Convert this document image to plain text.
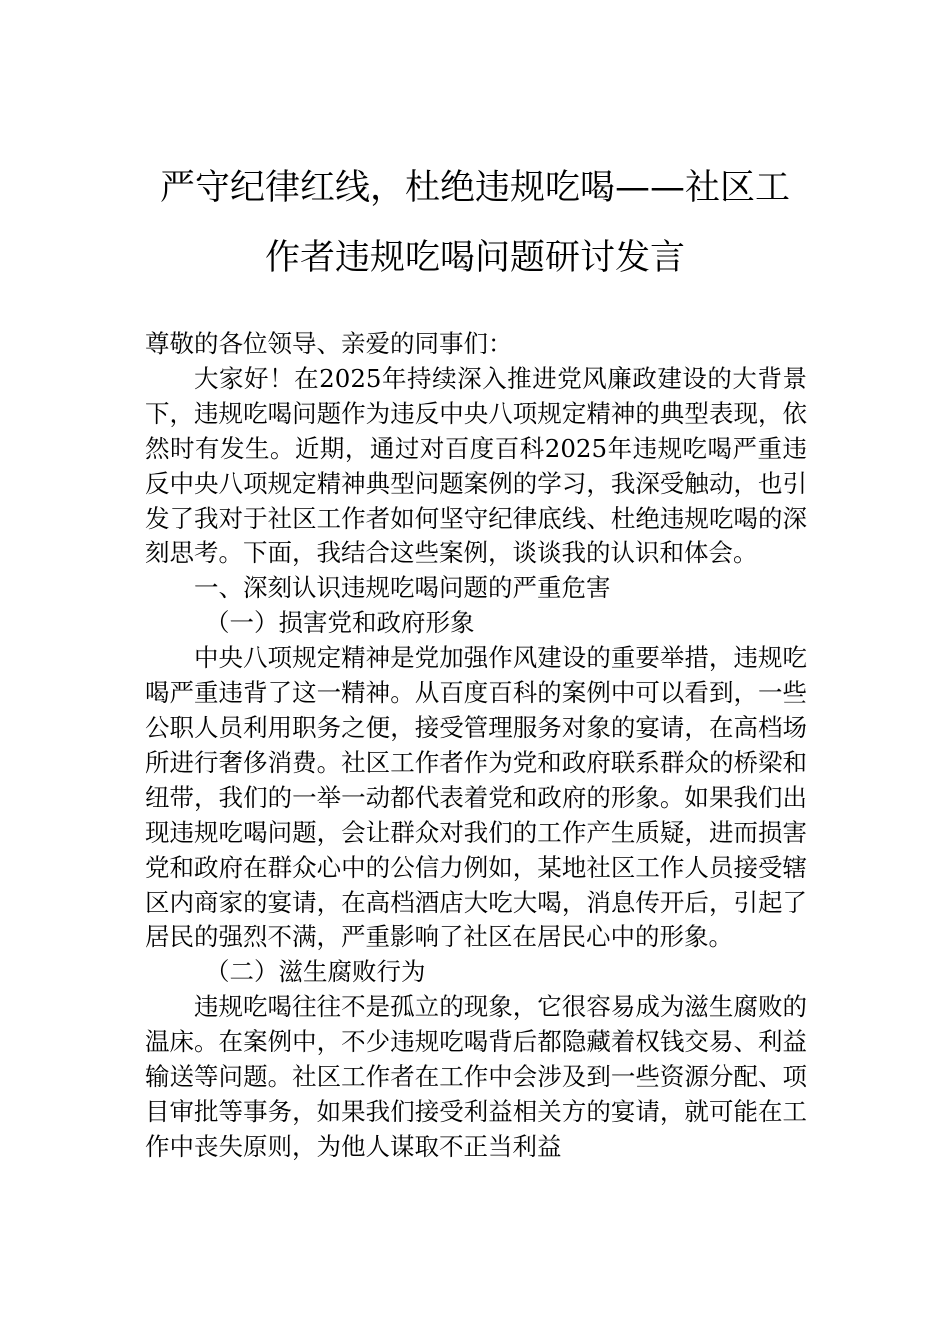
严守纪律红线，杜绝违规吃喝——社区工
作者违规吃喝问题研讨发言

尊敬的各位领导、亲爱的同事们：

大家好！在2025年持续深入推进党风廉政建设的大背景下，违规吃喝问题作为违反中央八项规定精神的典型表现，依然时有发生。近期，通过对百度百科2025年违规吃喝严重违反中央八项规定精神典型问题案例的学习，我深受触动，也引发了我对于社区工作者如何坚守纪律底线、杜绝违规吃喝的深刻思考。下面，我结合这些案例，谈谈我的认识和体会。

一、深刻认识违规吃喝问题的严重危害

（一）损害党和政府形象

中央八项规定精神是党加强作风建设的重要举措，违规吃喝严重违背了这一精神。从百度百科的案例中可以看到，一些公职人员利用职务之便，接受管理服务对象的宴请，在高档场所进行奢侈消费。社区工作者作为党和政府联系群众的桥梁和纽带，我们的一举一动都代表着党和政府的形象。如果我们出现违规吃喝问题，会让群众对我们的工作产生质疑，进而损害党和政府在群众心中的公信力例如，某地社区工作人员接受辖区内商家的宴请，在高档酒店大吃大喝，消息传开后，引起了居民的强烈不满，严重影响了社区在居民心中的形象。

（二）滋生腐败行为

违规吃喝往往不是孤立的现象，它很容易成为滋生腐败的温床。在案例中，不少违规吃喝背后都隐藏着权钱交易、利益输送等问题。社区工作者在工作中会涉及到一些资源分配、项目审批等事务，如果我们接受利益相关方的宴请，就可能在工作中丧失原则，为他人谋取不正当利益
